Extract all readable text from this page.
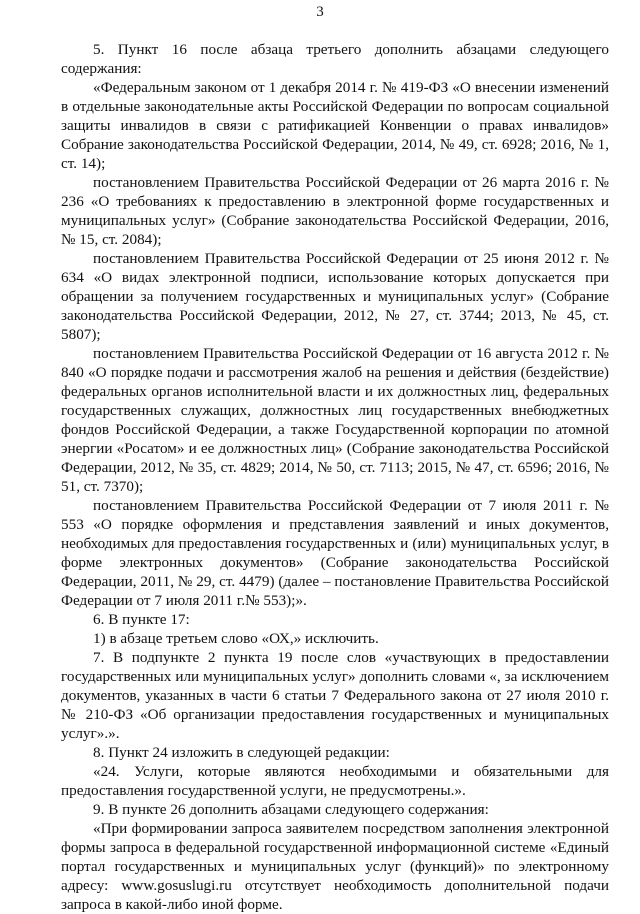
3

5. Пункт 16 после абзаца третьего дополнить абзацами следующего содержания:

«Федеральным законом от 1 декабря 2014 г. № 419-ФЗ «О внесении изменений в отдельные законодательные акты Российской Федерации по вопросам социальной защиты инвалидов в связи с ратификацией Конвенции о правах инвалидов» Собрание законодательства Российской Федерации, 2014, № 49, ст. 6928; 2016, № 1, ст. 14);

постановлением Правительства Российской Федерации от 26 марта 2016 г. № 236 «О требованиях к предоставлению в электронной форме государственных и муниципальных услуг» (Собрание законодательства Российской Федерации, 2016, № 15, ст. 2084);

постановлением Правительства Российской Федерации от 25 июня 2012 г. № 634 «О видах электронной подписи, использование которых допускается при обращении за получением государственных и муниципальных услуг» (Собрание законодательства Российской Федерации, 2012, № 27, ст. 3744; 2013, № 45, ст. 5807);

постановлением Правительства Российской Федерации от 16 августа 2012 г. № 840 «О порядке подачи и рассмотрения жалоб на решения и действия (бездействие) федеральных органов исполнительной власти и их должностных лиц, федеральных государственных служащих, должностных лиц государственных внебюджетных фондов Российской Федерации, а также Государственной корпорации по атомной энергии «Росатом» и ее должностных лиц» (Собрание законодательства Российской Федерации, 2012, № 35, ст. 4829; 2014, № 50, ст. 7113; 2015, № 47, ст. 6596; 2016, № 51, ст. 7370);

постановлением Правительства Российской Федерации от 7 июля 2011 г. № 553 «О порядке оформления и представления заявлений и иных документов, необходимых для предоставления государственных и (или) муниципальных услуг, в форме электронных документов» (Собрание законодательства Российской Федерации, 2011, № 29, ст. 4479) (далее – постановление Правительства Российской Федерации от 7 июля 2011 г.№ 553);».

6. В пункте 17:

1) в абзаце третьем слово «ОХ,» исключить.

7. В подпункте 2 пункта 19 после слов «участвующих в предоставлении государственных или муниципальных услуг» дополнить словами «, за исключением документов, указанных в части 6 статьи 7 Федерального закона от 27 июля 2010 г. № 210-ФЗ «Об организации предоставления государственных и муниципальных услуг».».

8. Пункт 24 изложить в следующей редакции:

«24. Услуги, которые являются необходимыми и обязательными для предоставления государственной услуги, не предусмотрены.».

9. В пункте 26 дополнить абзацами следующего содержания:

«При формировании запроса заявителем посредством заполнения электронной формы запроса в федеральной государственной информационной системе «Единый портал государственных и муниципальных услуг (функций)» по электронному адресу: www.gosuslugi.ru отсутствует необходимость дополнительной подачи запроса в какой-либо иной форме.
